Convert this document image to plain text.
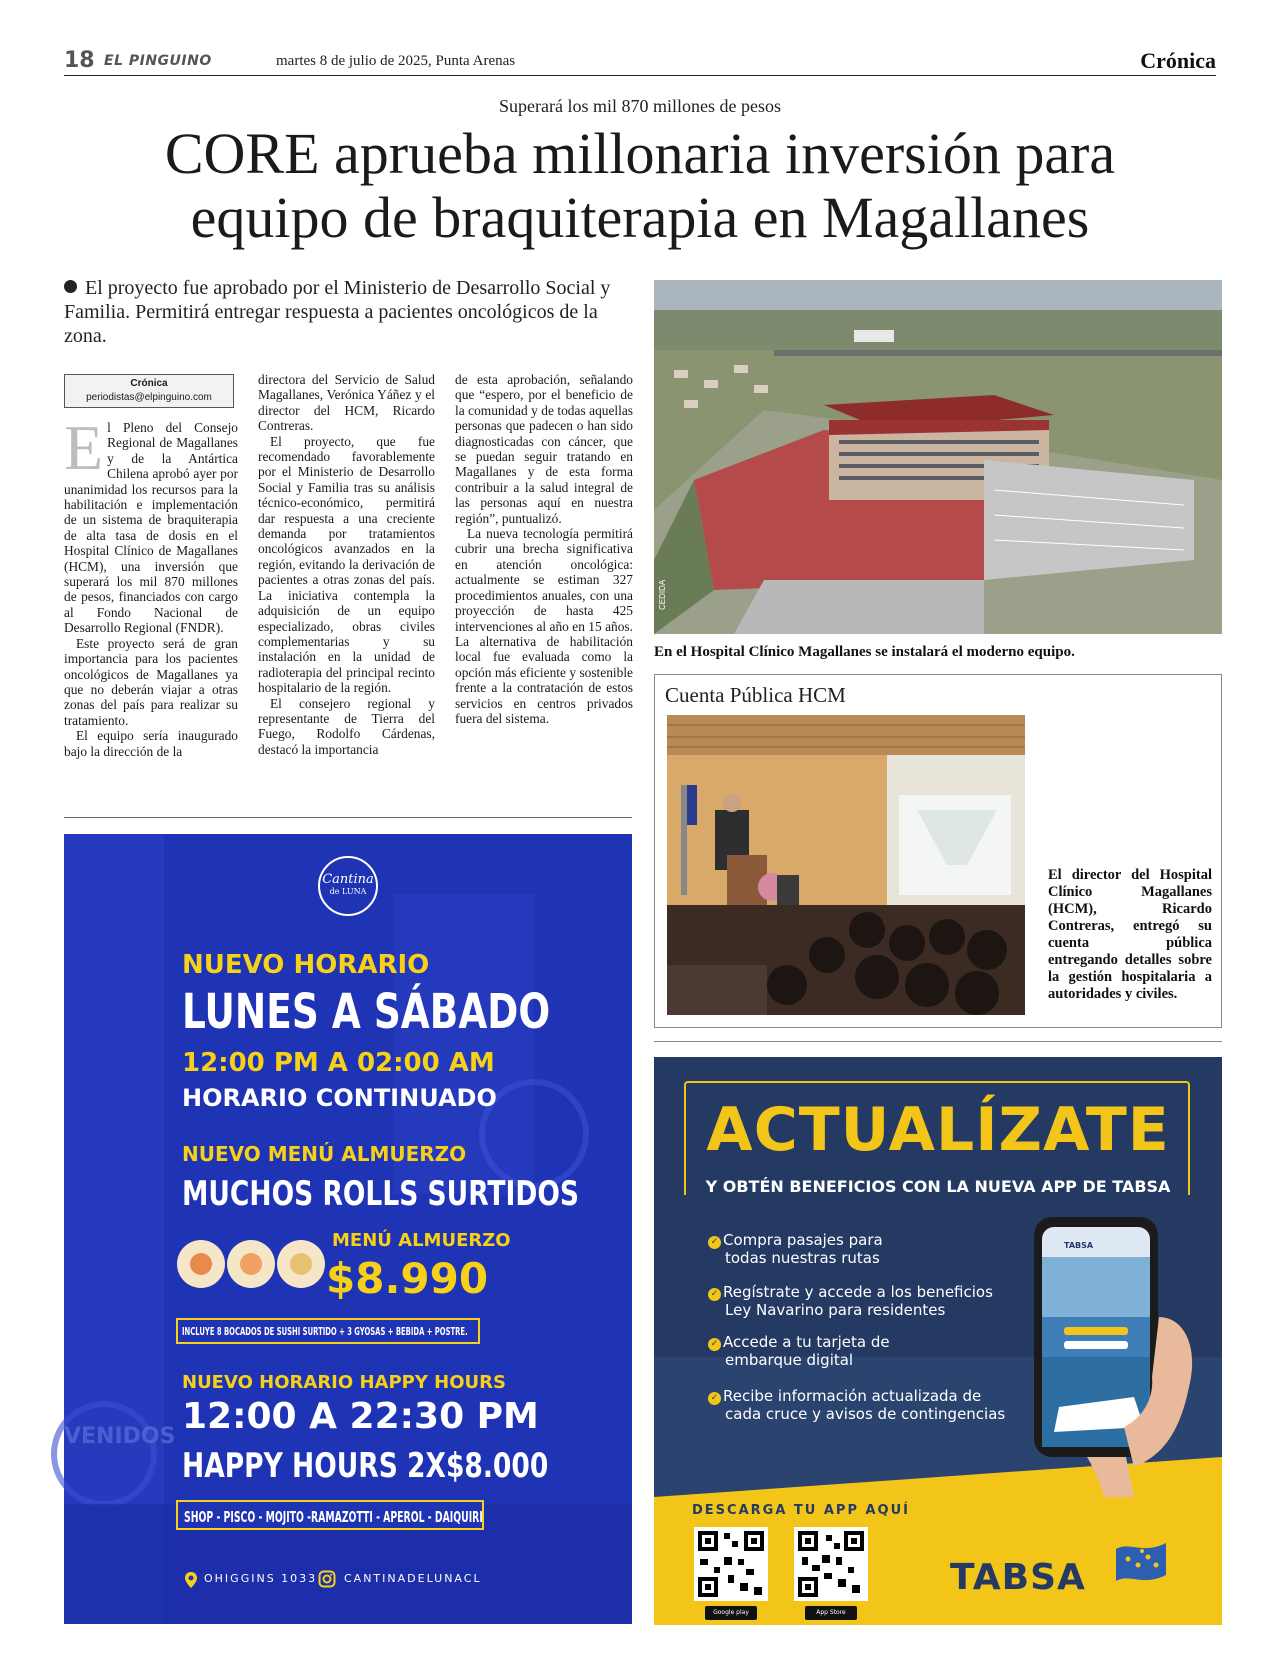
18 EL PINGUINO	martes 8 de julio de 2025, Punta Arenas	Crónica
Superará los mil 870 millones de pesos
CORE aprueba millonaria inversión para
equipo de braquiterapia en Magallanes
El proyecto fue aprobado por el Ministerio de Desarrollo Social y Familia. Permitirá entregar respuesta a pacientes oncológicos de la zona.
Crónica
periodistas@elpinguino.com

El Pleno del Consejo Regional de Magallanes y de la Antártica Chilena aprobó ayer por unanimidad los recursos para la habilitación e implementación de un sistema de braquiterapia de alta tasa de dosis en el Hospital Clínico de Magallanes (HCM), una inversión que superará los mil 870 millones de pesos, financiados con cargo al Fondo Nacional de Desarrollo Regional (FNDR).

Este proyecto será de gran importancia para los pacientes oncológicos de Magallanes ya que no deberán viajar a otras zonas del país para realizar su tratamiento.

El equipo sería inaugurado bajo la dirección de la

directora del Servicio de Salud Magallanes, Verónica Yáñez y el director del HCM, Ricardo Contreras.

El proyecto, que fue recomendado favorablemente por el Ministerio de Desarrollo Social y Familia tras su análisis técnico-económico, permitirá dar respuesta a una creciente demanda por tratamientos oncológicos avanzados en la región, evitando la derivación de pacientes a otras zonas del país. La iniciativa contempla la adquisición de un equipo especializado, obras civiles complementarias y su instalación en la unidad de radioterapia del principal recinto hospitalario de la región.

El consejero regional y representante de Tierra del Fuego, Rodolfo Cárdenas, destacó la importancia

de esta aprobación, señalando que “espero, por el beneficio de la comunidad y de todas aquellas personas que padecen o han sido diagnosticadas con cáncer, que se puedan seguir tratando en Magallanes y de esta forma contribuir a la salud integral de las personas aquí en nuestra región”, puntualizó.

La nueva tecnología permitirá cubrir una brecha significativa en atención oncológica: actualmente se estiman 327 procedimientos anuales, con una proyección de hasta 425 intervenciones al año en 15 años. La alternativa de habilitación local fue evaluada como la opción más eficiente y sostenible frente a la contratación de estos servicios en centros privados fuera del sistema.

CEDIDA
En el Hospital Clínico Magallanes se instalará el moderno equipo.
Cuenta Pública HCM
CEDIDA
El director del Hospital Clínico Magallanes (HCM), Ricardo Contreras, entregó su cuenta pública entregando detalles sobre la gestión hospitalaria a autoridades y civiles.
Cantina
de LUNA
NUEVO HORARIO
LUNES A SÁBADO
12:00 PM A 02:00 AM
HORARIO CONTINUADO
NUEVO MENÚ ALMUERZO
MUCHOS ROLLS SURTIDOS
MENÚ ALMUERZO
$8.990
INCLUYE 8 BOCADOS DE SUSHI SURTIDO + 3 GYOSAS + BEBIDA + POSTRE.
NUEVO HORARIO HAPPY HOURS
12:00 A 22:30 PM
HAPPY HOURS 2X$8.000
SHOP - PISCO - MOJITO -RAMAZOTTI - APEROL - DAIQUIRI
VENIDOS
OHIGGINS 1033 CANTINADELUNACL
ACTUALÍZATE
Y OBTÉN BENEFICIOS CON LA NUEVA APP DE TABSA
✓ Compra pasajes para
todas nuestras rutas
✓ Regístrate y accede a los beneficios
Ley Navarino para residentes
✓ Accede a tu tarjeta de
embarque digital
✓ Recibe información actualizada de
cada cruce y avisos de contingencias
TABSA
DESCARGA TU APP AQUÍ
Google play	App Store
TABSA
